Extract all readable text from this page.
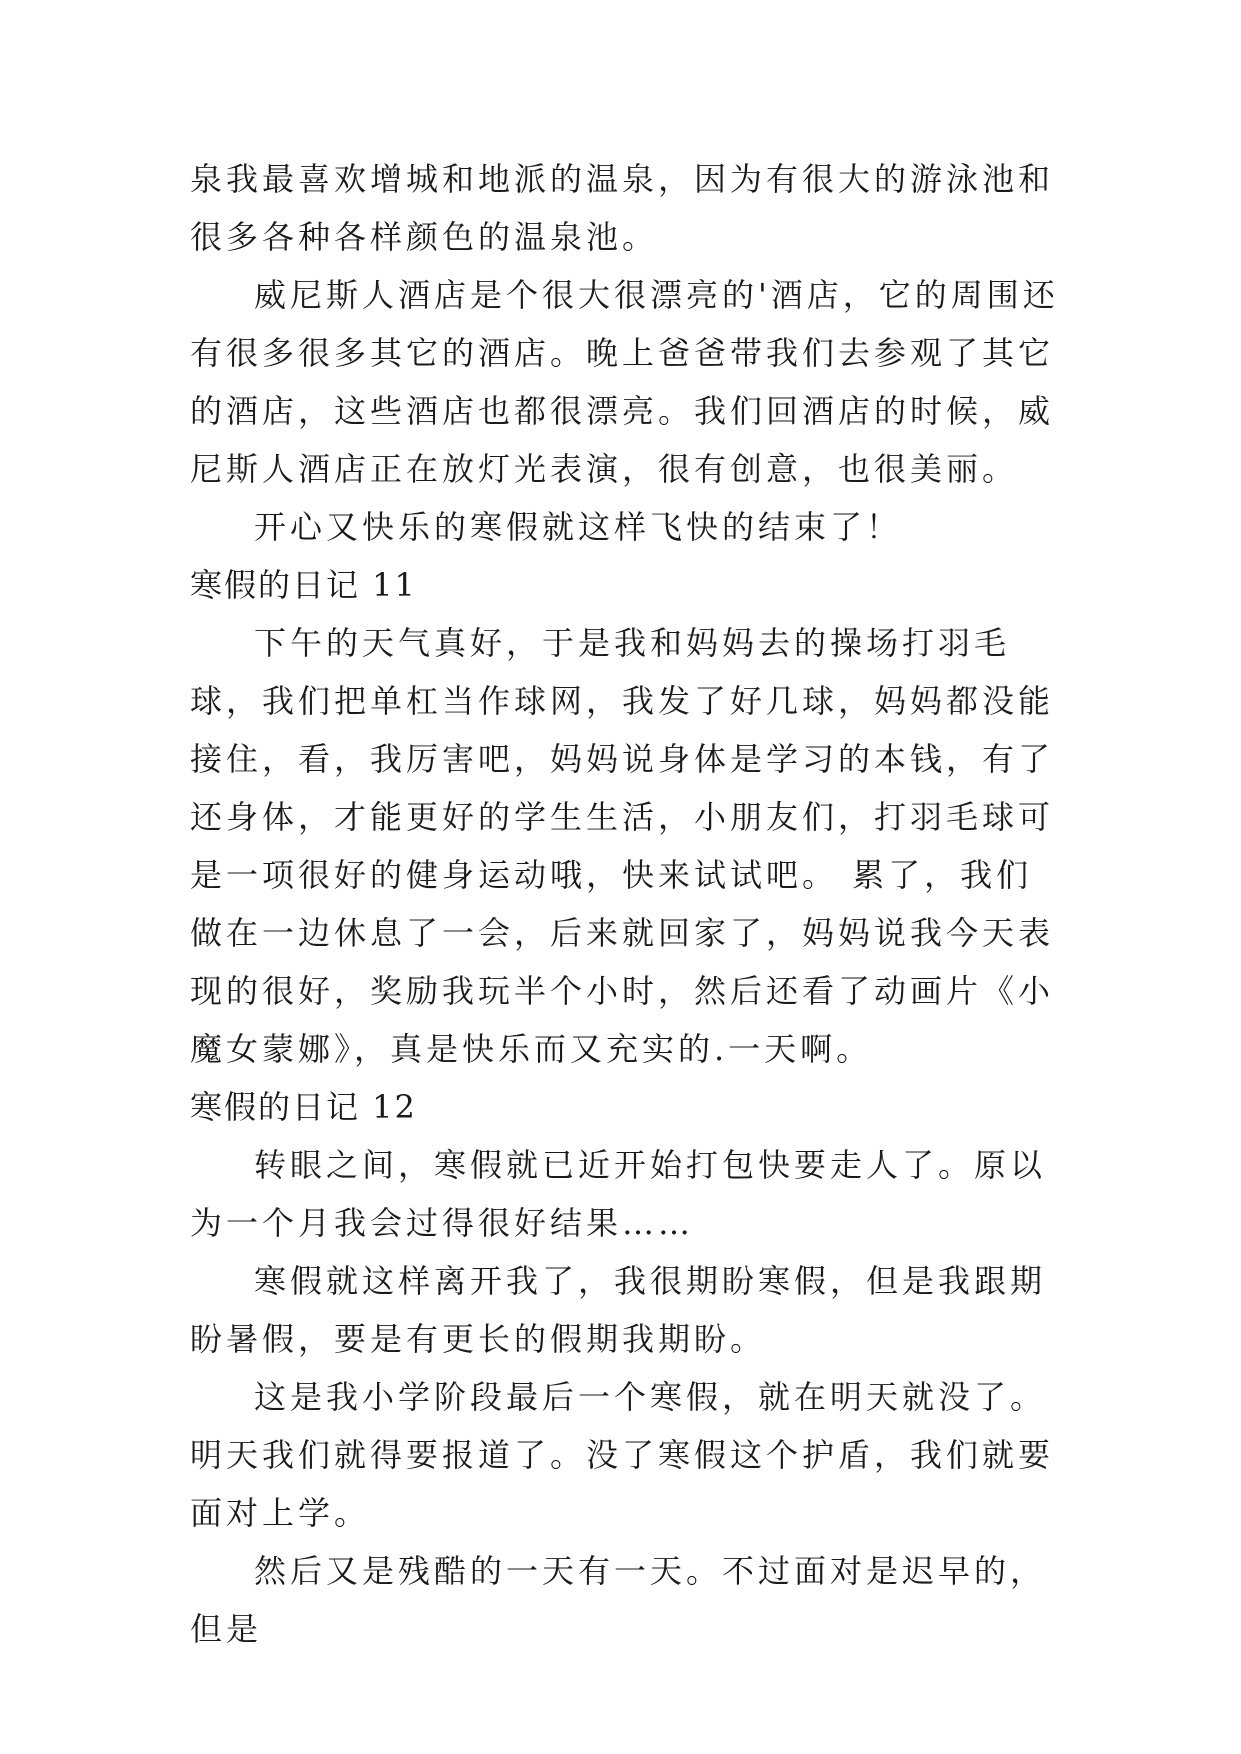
泉我最喜欢增城和地派的温泉，因为有很大的游泳池和很多各种各样颜色的温泉池。

威尼斯人酒店是个很大很漂亮的'酒店，它的周围还有很多很多其它的酒店。晚上爸爸带我们去参观了其它的酒店，这些酒店也都很漂亮。我们回酒店的时候，威尼斯人酒店正在放灯光表演，很有创意，也很美丽。

开心又快乐的寒假就这样飞快的结束了！

寒假的日记 11

下午的天气真好，于是我和妈妈去的操场打羽毛球，我们把单杠当作球网，我发了好几球，妈妈都没能接住，看，我厉害吧，妈妈说身体是学习的本钱，有了还身体，才能更好的学生生活，小朋友们，打羽毛球可是一项很好的健身运动哦，快来试试吧。 累了，我们做在一边休息了一会，后来就回家了，妈妈说我今天表现的很好，奖励我玩半个小时，然后还看了动画片《小魔女蒙娜》，真是快乐而又充实的.一天啊。

寒假的日记 12

转眼之间，寒假就已近开始打包快要走人了。原以为一个月我会过得很好结果……

寒假就这样离开我了，我很期盼寒假，但是我跟期盼暑假，要是有更长的假期我期盼。

这是我小学阶段最后一个寒假，就在明天就没了。明天我们就得要报道了。没了寒假这个护盾，我们就要面对上学。

然后又是残酷的一天有一天。不过面对是迟早的，但是
